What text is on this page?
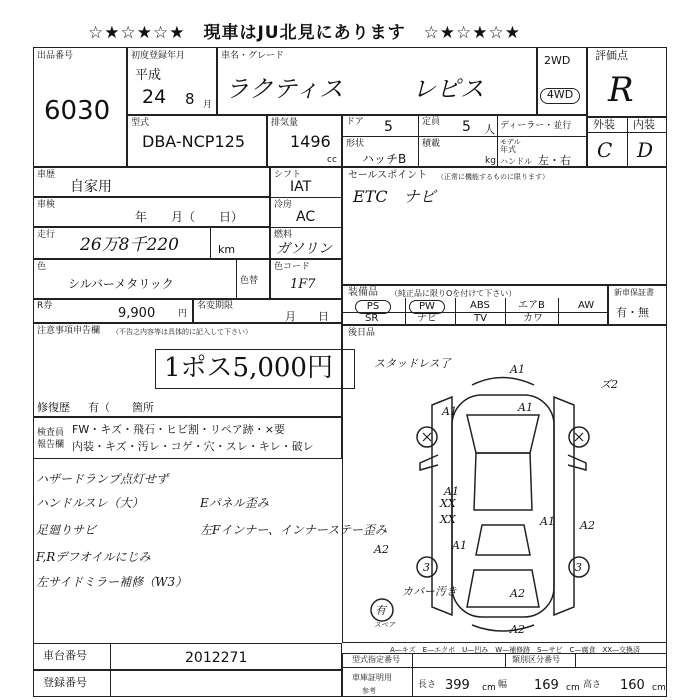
☆★☆★☆★　現車はJU北見にあります　☆★☆★☆★
出品番号
6030
初度登録年月
平成
24 8 月
車名・グレード
ラクティス	レピス
2WD
4WD
評価点
R
型式
DBA-NCP125
排気量
1496
cc
ドア 5	定員 5 人 ディーラー・並行
形状
ハッチB
積載
kg
モデル
年式
ハンドル 左・右
外装 内装
C D
車歴
自家用
車検
年　　月（　　日）
走行 26万8千220	km
シフト
IAT
冷房
AC
燃料
ガソリン
色
シルバーメタリック	色替
色コード
1F7
R券	9,900	円
名変期限
月　　日
セールスポイント （正常に機能するものに限ります）
ETC　ナビ
装備品 （純正品に限りOを付けて下さい）
PS	PW	ABS	エアB	AW
SR	ナビ	TV	カワ
新車保証書
有・無
注意事項申告欄 （不告之内容等は具体的に記入して下さい）
1ポス5,000円
修復歴 有（　　箇所
検査員
報告欄
FW・キズ・飛石・ヒビ割・リペア跡・×要
内装・キズ・汚レ・コゲ・穴・スレ・キレ・破レ
ハザードランプ点灯せず
ハンドルスレ（大）
足廻りサビ
F,Rデフオイルにじみ
左サイドミラー補修（W3）
Eパネル歪み
左Fインナー、インナーステー歪み
後日品
スタッドレス了	A1
A1	A1
A1
A1
A1
A2
A2
A2
A2
XX
XX
3	3
ズ2
カバー汚き
有
スペア
A—キズ　E—エクボ　U—凹み　W—補修跡　S—サビ　C—腐食　XX—交換済
車台番号	2012271
登録番号
型式指定番号	類別区分番号
車庫証明用
参考
長さ 399 cm 幅 169 cm 高さ 160 cm
